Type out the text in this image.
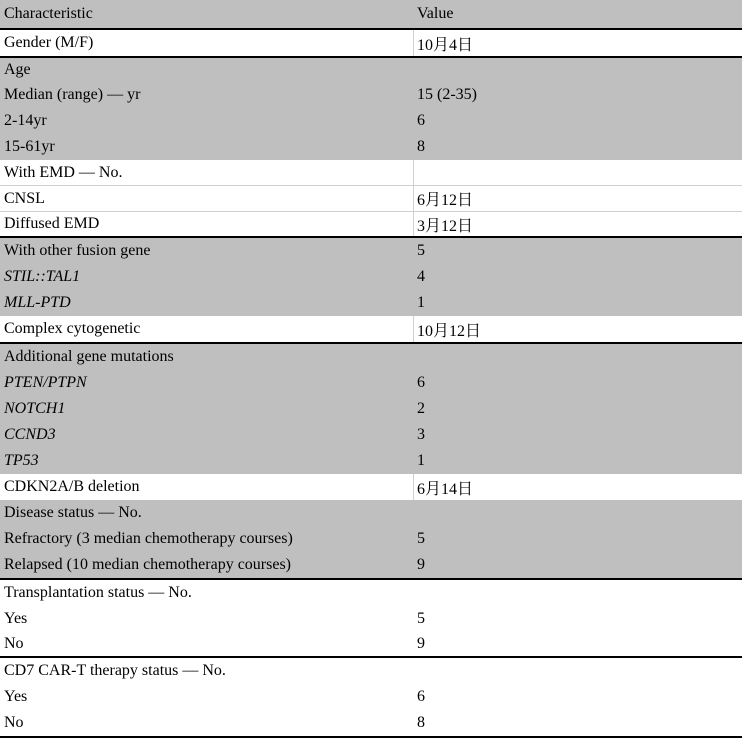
Characteristic	Value
Gender (M/F)	10月4日
Age
Median (range) — yr	15 (2-35)
2-14yr	6
15-61yr	8
With EMD — No.
CNSL	6月12日
Diffused EMD	3月12日
With other fusion gene	5
STIL::TAL1	4
MLL-PTD	1
Complex cytogenetic	10月12日
Additional gene mutations
PTEN/PTPN	6
NOTCH1	2
CCND3	3
TP53	1
CDKN2A/B deletion	6月14日
Disease status — No.
Refractory (3 median chemotherapy courses)	5
Relapsed (10 median chemotherapy courses)	9
Transplantation status — No.
Yes	5
No	9
CD7 CAR-T therapy status — No.
Yes	6
No	8
